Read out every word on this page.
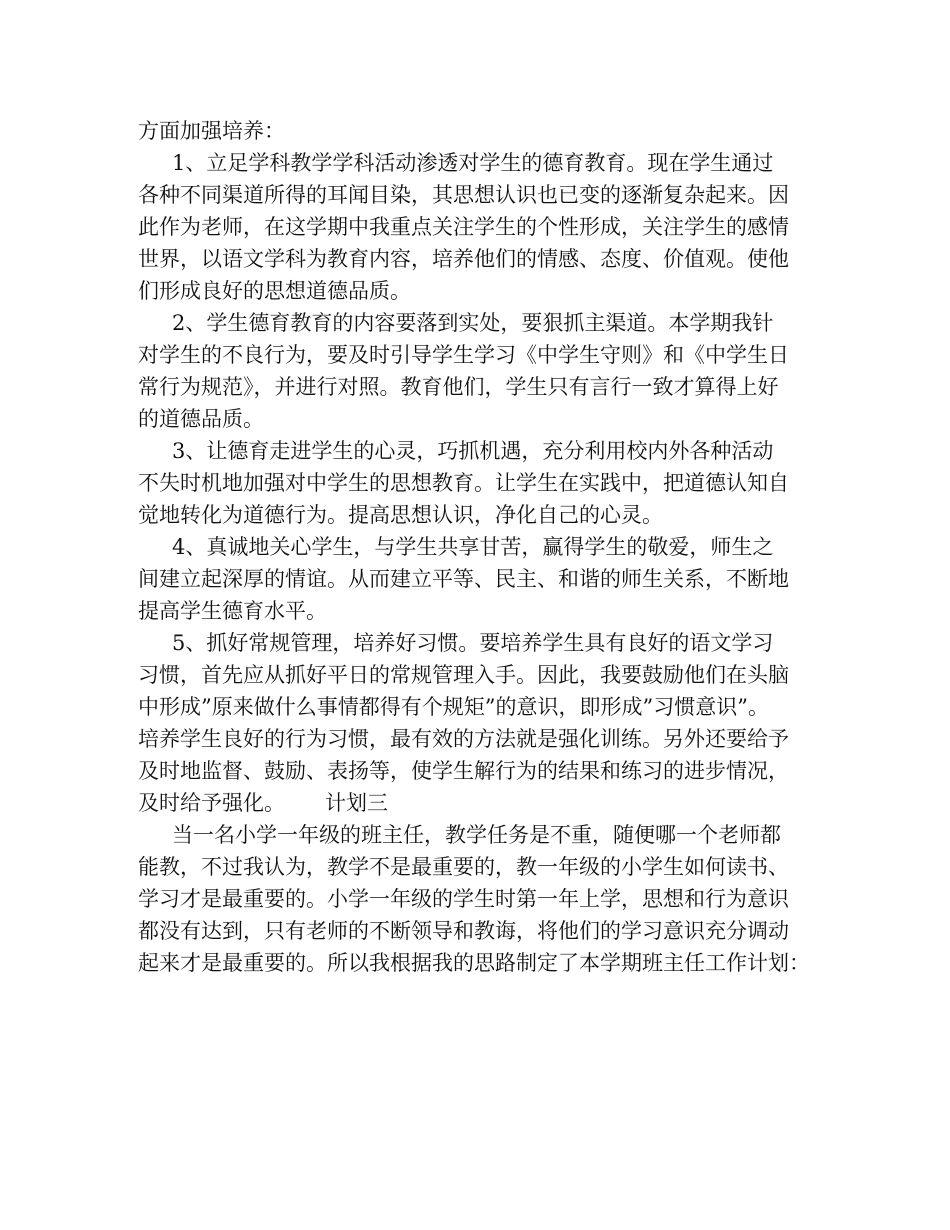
方面加强培养：
1、立足学科教学学科活动渗透对学生的德育教育。现在学生通过
各种不同渠道所得的耳闻目染，其思想认识也已变的逐渐复杂起来。因
此作为老师，在这学期中我重点关注学生的个性形成，关注学生的感情
世界，以语文学科为教育内容，培养他们的情感、态度、价值观。使他
们形成良好的思想道德品质。
2、学生德育教育的内容要落到实处，要狠抓主渠道。本学期我针
对学生的不良行为，要及时引导学生学习《中学生守则》和《中学生日
常行为规范》，并进行对照。教育他们，学生只有言行一致才算得上好
的道德品质。
3、让德育走进学生的心灵，巧抓机遇，充分利用校内外各种活动
不失时机地加强对中学生的思想教育。让学生在实践中，把道德认知自
觉地转化为道德行为。提高思想认识，净化自己的心灵。
4、真诚地关心学生，与学生共享甘苦，赢得学生的敬爱，师生之
间建立起深厚的情谊。从而建立平等、民主、和谐的师生关系，不断地
提高学生德育水平。
5、抓好常规管理，培养好习惯。要培养学生具有良好的语文学习
习惯，首先应从抓好平日的常规管理入手。因此，我要鼓励他们在头脑
中形成”原来做什么事情都得有个规矩”的意识，即形成”习惯意识”。
培养学生良好的行为习惯，最有效的方法就是强化训练。另外还要给予
及时地监督、鼓励、表扬等，使学生解行为的结果和练习的进步情况，
及时给予强化。 计划三
当一名小学一年级的班主任，教学任务是不重，随便哪一个老师都
能教，不过我认为，教学不是最重要的，教一年级的小学生如何读书、
学习才是最重要的。小学一年级的学生时第一年上学，思想和行为意识
都没有达到，只有老师的不断领导和教诲，将他们的学习意识充分调动
起来才是最重要的。所以我根据我的思路制定了本学期班主任工作计划：
